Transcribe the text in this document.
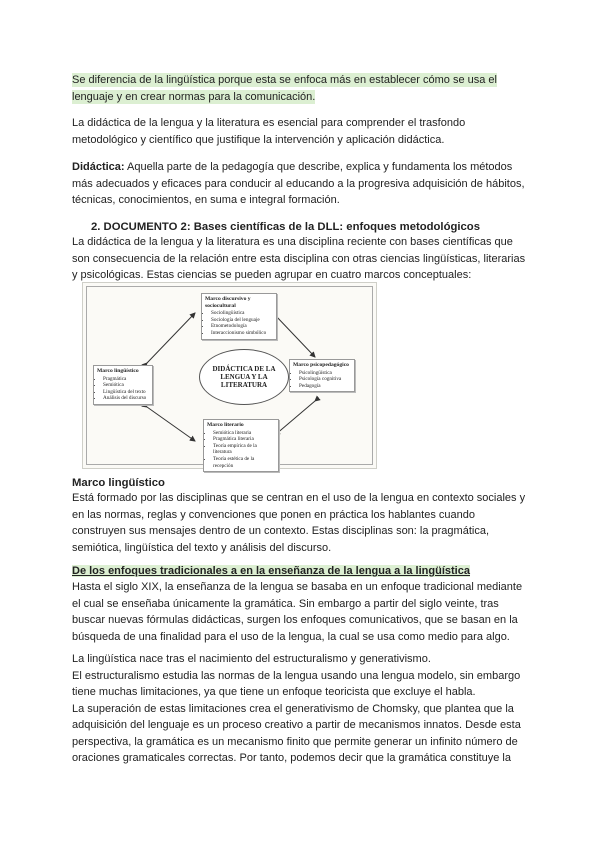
Se diferencia de la lingüística porque esta se enfoca más en establecer cómo se usa el
lenguaje y en crear normas para la comunicación.
La didáctica de la lengua y la literatura es esencial para comprender el trasfondo metodológico y científico que justifique la intervención y aplicación didáctica.
Didáctica: Aquella parte de la pedagogía que describe, explica y fundamenta los métodos más adecuados y eficaces para conducir al educando a la progresiva adquisición de hábitos, técnicas, conocimientos, en suma e integral formación.
2. DOCUMENTO 2: Bases científicas de la DLL: enfoques metodológicos
La didáctica de la lengua y la literatura es una disciplina reciente con bases científicas que son consecuencia de la relación entre esta disciplina con otras ciencias lingüísticas, literarias y psicológicas. Estas ciencias se pueden agrupar en cuatro marcos conceptuales:
Marco discursivo y sociocultural
• Sociolingüística
• Sociología del lenguaje
• Etnometodología
• Interaccionismo simbólico
Marco lingüístico
• Pragmática
• Semiótica
• Lingüística del texto
• Análisis del discurso
DIDÁCTICA DE LA LENGUA Y LA LITERATURA
Marco psicopedagógico
• Psicolingüística
• Psicología cognitiva
• Pedagogía
Marco literario
• Semiótica literaria
• Pragmática literaria
• Teoría empírica de la literatura
• Teoría estética de la recepción
Marco lingüístico
Está formado por las disciplinas que se centran en el uso de la lengua en contexto sociales y en las normas, reglas y convenciones que ponen en práctica los hablantes cuando construyen sus mensajes dentro de un contexto. Estas disciplinas son: la pragmática, semiótica, lingüística del texto y análisis del discurso.
De los enfoques tradicionales a en la enseñanza de la lengua a la lingüística
Hasta el siglo XIX, la enseñanza de la lengua se basaba en un enfoque tradicional mediante el cual se enseñaba únicamente la gramática. Sin embargo a partir del siglo veinte, tras buscar nuevas fórmulas didácticas, surgen los enfoques comunicativos, que se basan en la búsqueda de una finalidad para el uso de la lengua, la cual se usa como medio para algo.
La lingüística nace tras el nacimiento del estructuralismo y generativismo.
El estructuralismo estudia las normas de la lengua usando una lengua modelo, sin embargo tiene muchas limitaciones, ya que tiene un enfoque teoricista que excluye el habla.
La superación de estas limitaciones crea el generativismo de Chomsky, que plantea que la adquisición del lenguaje es un proceso creativo a partir de mecanismos innatos. Desde esta perspectiva, la gramática es un mecanismo finito que permite generar un infinito número de oraciones gramaticales correctas. Por tanto, podemos decir que la gramática constituye la
